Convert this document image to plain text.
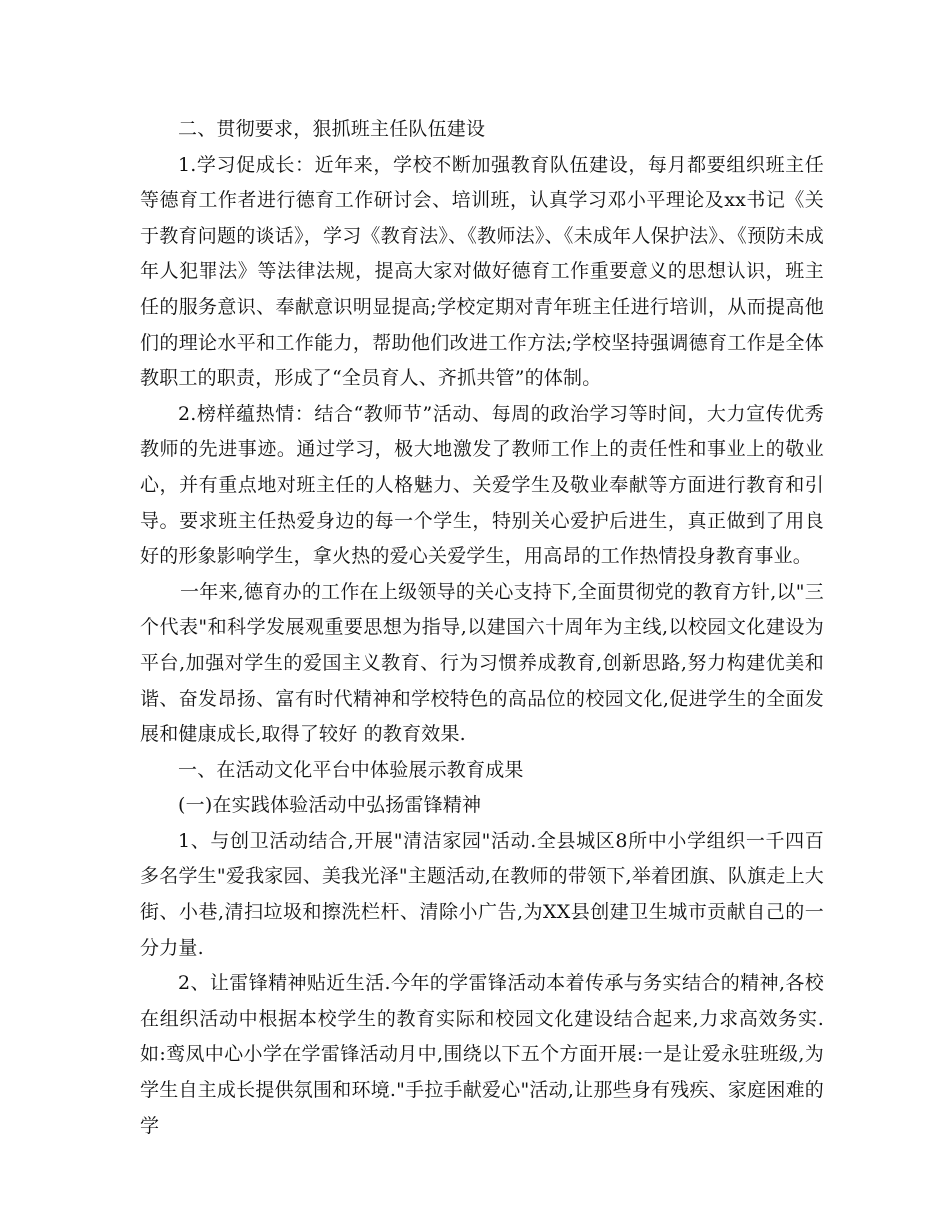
二、贯彻要求，狠抓班主任队伍建设

1.学习促成长：近年来，学校不断加强教育队伍建设，每月都要组织班主任等德育工作者进行德育工作研讨会、培训班，认真学习邓小平理论及xx书记《关于教育问题的谈话》，学习《教育法》、《教师法》、《未成年人保护法》、《预防未成年人犯罪法》等法律法规，提高大家对做好德育工作重要意义的思想认识，班主任的服务意识、奉献意识明显提高;学校定期对青年班主任进行培训，从而提高他们的理论水平和工作能力，帮助他们改进工作方法;学校坚持强调德育工作是全体教职工的职责，形成了“全员育人、齐抓共管”的体制。

2.榜样蕴热情：结合“教师节”活动、每周的政治学习等时间，大力宣传优秀教师的先进事迹。通过学习，极大地激发了教师工作上的责任性和事业上的敬业心，并有重点地对班主任的人格魅力、关爱学生及敬业奉献等方面进行教育和引导。要求班主任热爱身边的每一个学生，特别关心爱护后进生，真正做到了用良好的形象影响学生，拿火热的爱心关爱学生，用高昂的工作热情投身教育事业。

一年来,德育办的工作在上级领导的关心支持下,全面贯彻党的教育方针,以"三个代表"和科学发展观重要思想为指导,以建国六十周年为主线,以校园文化建设为平台,加强对学生的爱国主义教育、行为习惯养成教育,创新思路,努力构建优美和谐、奋发昂扬、富有时代精神和学校特色的高品位的校园文化,促进学生的全面发展和健康成长,取得了较好 的教育效果.

一、在活动文化平台中体验展示教育成果

(一)在实践体验活动中弘扬雷锋精神

1、与创卫活动结合,开展"清洁家园"活动.全县城区8所中小学组织一千四百多名学生"爱我家园、美我光泽"主题活动,在教师的带领下,举着团旗、队旗走上大街、小巷,清扫垃圾和擦洗栏杆、清除小广告,为XX县创建卫生城市贡献自己的一分力量.

2、让雷锋精神贴近生活.今年的学雷锋活动本着传承与务实结合的精神,各校在组织活动中根据本校学生的教育实际和校园文化建设结合起来,力求高效务实.如:鸾凤中心小学在学雷锋活动月中,围绕以下五个方面开展:一是让爱永驻班级,为学生自主成长提供氛围和环境."手拉手献爱心"活动,让那些身有残疾、家庭困难的学
